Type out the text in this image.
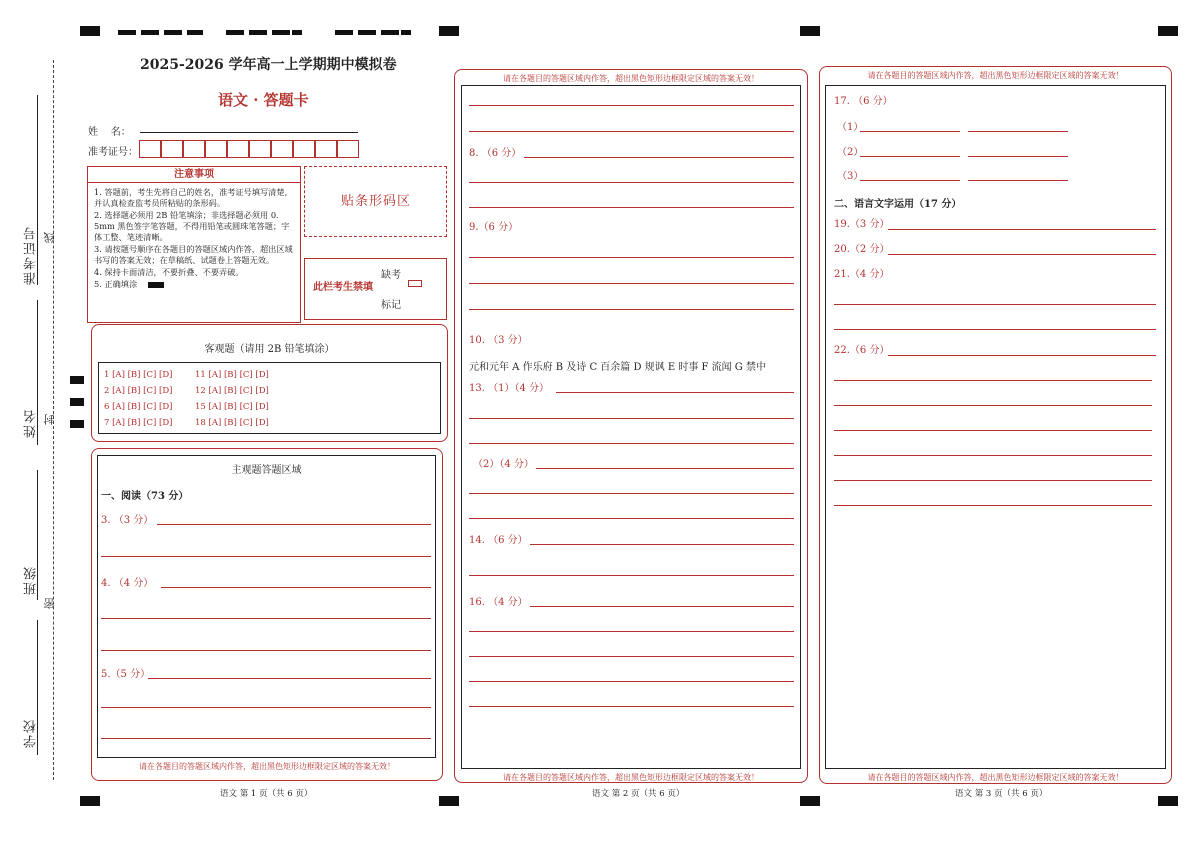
准考证号 线
姓名 封
班级
密
学校
2025-2026 学年高一上学期期中模拟卷
语文 · 答题卡
姓    名：
准考证号：
注意事项
1. 答题前，考生先将自己的姓名，准考证号填写清楚，并认真检查监考员所粘贴的条形码。
2. 选择题必须用 2B 铅笔填涂；非选择题必须用 0．5mm 黑色签字笔答题，不得用铅笔或圆珠笔答题；字体工整、笔迹清晰。
3. 请按题号顺序在各题目的答题区域内作答，超出区域书写的答案无效；在草稿纸、试题卷上答题无效。
4. 保持卡面清洁，不要折叠、不要弄破。
5. 正确填涂
贴条形码区
此栏考生禁填
缺考
标记
客观题（请用 2B 铅笔填涂）
1 [A] [B] [C] [D]
2 [A] [B] [C] [D]
6 [A] [B] [C] [D]
7 [A] [B] [C] [D]
11 [A] [B] [C] [D]
12 [A] [B] [C] [D]
15 [A] [B] [C] [D]
18 [A] [B] [C] [D]
主观题答题区域
一、阅读（73 分）
3. （3 分）
4. （4 分）
5.（5 分）
请在各题目的答题区域内作答，超出黑色矩形边框限定区域的答案无效！
语文 第 1 页（共 6 页）
请在各题目的答题区域内作答，超出黑色矩形边框限定区域的答案无效！
请在各题目的答题区域内作答，超出黑色矩形边框限定区域的答案无效！
8. （6 分）
9.（6 分）
10. （3 分）
元和元年 A 作乐府 B 及诗 C 百余篇 D 规讽 E 时事 F 流闻 G 禁中
13. （1）（4 分）
（2）（4 分）
14. （6 分）
16. （4 分）
语文 第 2 页（共 6 页）
请在各题目的答题区域内作答，超出黑色矩形边框限定区域的答案无效！
请在各题目的答题区域内作答，超出黑色矩形边框限定区域的答案无效！
17. （6 分）
（1）
（2）
（3）
二、语言文字运用（17 分）
19.（3 分）
20.（2 分）
21.（4 分）
22.（6 分）
语文 第 3 页（共 6 页）
